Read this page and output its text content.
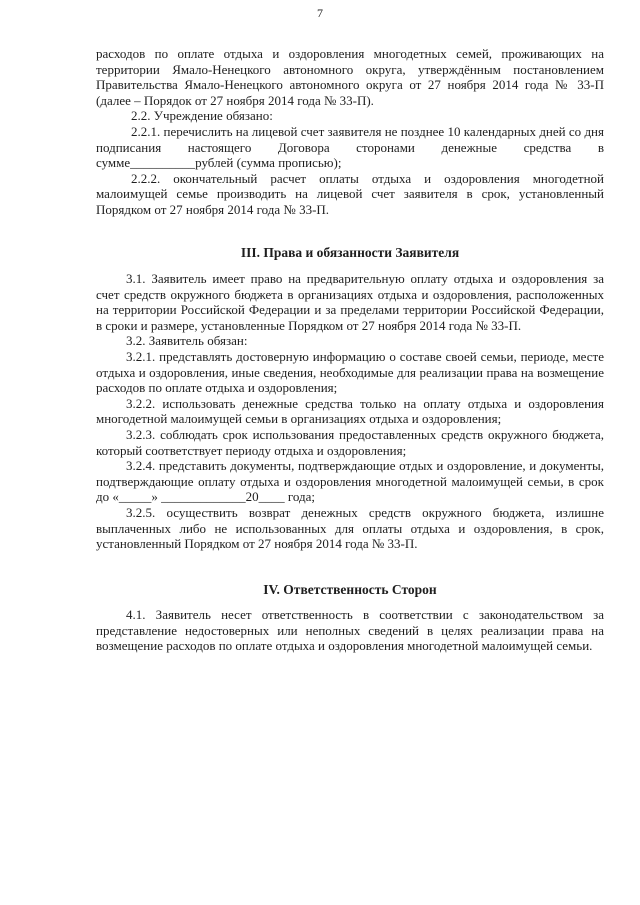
7

расходов по оплате отдыха и оздоровления многодетных семей, проживающих на территории Ямало-Ненецкого автономного округа, утверждённым постановлением Правительства Ямало-Ненецкого автономного округа от 27 ноября 2014 года № 33-П (далее – Порядок от 27 ноября 2014 года № 33-П).

2.2. Учреждение обязано:

2.2.1. перечислить на лицевой счет заявителя не позднее 10 календарных дней со дня подписания настоящего Договора сторонами денежные средства в сумме__________рублей (сумма прописью);

2.2.2. окончательный расчет оплаты отдыха и оздоровления многодетной малоимущей семье производить на лицевой счет заявителя в срок, установленный Порядком от 27 ноября 2014 года № 33-П.

III. Права и обязанности Заявителя

3.1. Заявитель имеет право на предварительную оплату отдыха и оздоровления за счет средств окружного бюджета в организациях отдыха и оздоровления, расположенных на территории Российской Федерации и за пределами территории Российской Федерации, в сроки и размере, установленные Порядком от 27 ноября 2014 года № 33-П.

3.2. Заявитель обязан:

3.2.1. представлять достоверную информацию о составе своей семьи, периоде, месте отдыха и оздоровления, иные сведения, необходимые для реализации права на возмещение расходов по оплате отдыха и оздоровления;

3.2.2. использовать денежные средства только на оплату отдыха и оздоровления многодетной малоимущей семьи в организациях отдыха и оздоровления;

3.2.3. соблюдать срок использования предоставленных средств окружного бюджета, который соответствует периоду отдыха и оздоровления;

3.2.4. представить документы, подтверждающие отдых и оздоровление, и документы, подтверждающие оплату отдыха и оздоровления многодетной малоимущей семьи, в срок до «_____» _____________20____ года;

3.2.5. осуществить возврат денежных средств окружного бюджета, излишне выплаченных либо не использованных для оплаты отдыха и оздоровления, в срок, установленный Порядком от 27 ноября 2014 года № 33-П.

IV. Ответственность Сторон

4.1. Заявитель несет ответственность в соответствии с законодательством за представление недостоверных или неполных сведений в целях реализации права на возмещение расходов по оплате отдыха и оздоровления многодетной малоимущей семьи.
